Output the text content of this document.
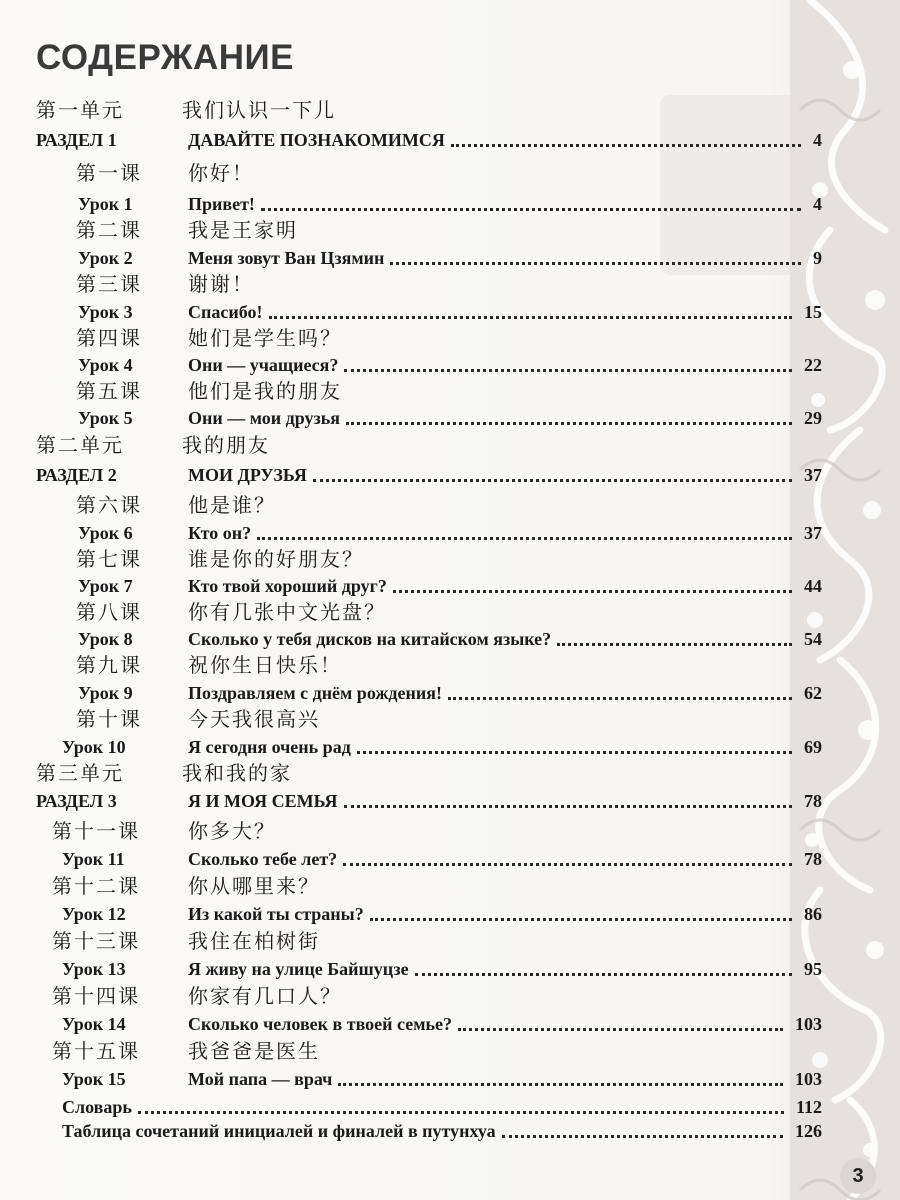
СОДЕРЖАНИЕ
第一单元	我们认识一下儿
РАЗДЕЛ 1	ДАВАЙТЕ ПОЗНАКОМИМСЯ	4
第一课 你好！
Урок 1	Привет!	4
第二课 我是王家明
Урок 2	Меня зовут Ван Цзямин	9
第三课 谢谢！
Урок 3	Спасибо!	15
第四课 她们是学生吗？
Урок 4	Они — учащиеся?	22
第五课 他们是我的朋友
Урок 5	Они — мои друзья	29
第二单元	我的朋友
РАЗДЕЛ 2	МОИ ДРУЗЬЯ	37
第六课 他是谁？
Урок 6	Кто он?	37
第七课 谁是你的好朋友？
Урок 7	Кто твой хороший друг?	44
第八课 你有几张中文光盘？
Урок 8	Сколько у тебя дисков на китайском языке?	54
第九课 祝你生日快乐！
Урок 9	Поздравляем с днём рождения!	62
第十课 今天我很高兴
Урок 10	Я сегодня очень рад	69
第三单元	我和我的家
РАЗДЕЛ 3	Я И МОЯ СЕМЬЯ	78
第十一课 你多大？
Урок 11	Сколько тебе лет?	78
第十二课 你从哪里来？
Урок 12	Из какой ты страны?	86
第十三课 我住在柏树街
Урок 13	Я живу на улице Байшуцзе	95
第十四课 你家有几口人？
Урок 14	Сколько человек в твоей семье?	103
第十五课 我爸爸是医生
Урок 15	Мой папа — врач	103
Словарь	112
Таблица сочетаний инициалей и финалей в путунхуа	126
3
